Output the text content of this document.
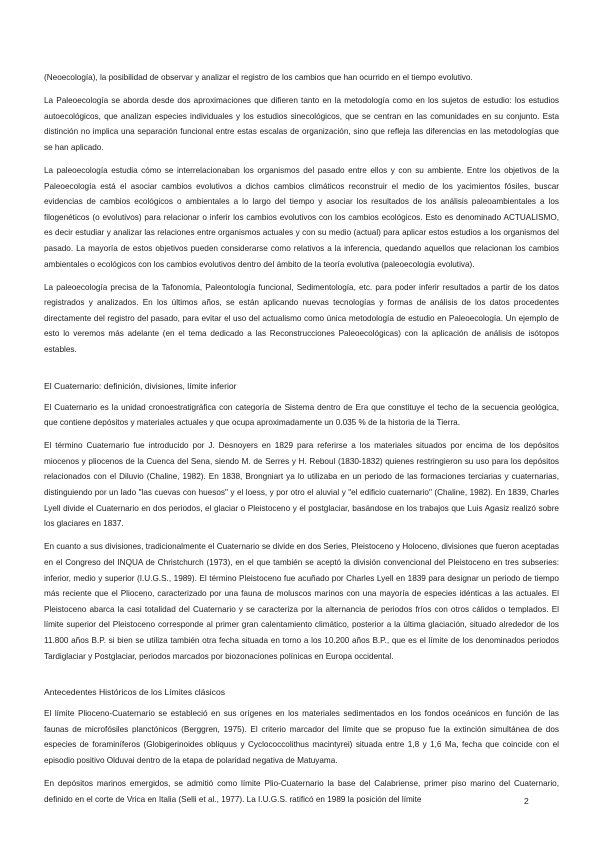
(Neoecología), la posibilidad de observar y analizar el registro de los cambios que han ocurrido en el tiempo evolutivo.

La Paleoecología se aborda desde dos aproximaciones que difieren tanto en la metodología como en los sujetos de estudio: los estudios autoecológicos, que analizan especies individuales y los estudios sinecológicos, que se centran en las comunidades en su conjunto. Esta distinción no implica una separación funcional entre estas escalas de organización, sino que refleja las diferencias en las metodologías que se han aplicado.

La paleoecología estudia cómo se interrelacionaban los organismos del pasado entre ellos y con su ambiente. Entre los objetivos de la Paleoecología está el asociar cambios evolutivos a dichos cambios climáticos reconstruir el medio de los yacimientos fósiles, buscar evidencias de cambios ecológicos o ambientales a lo largo del tiempo y asociar los resultados de los análisis paleoambientales a los filogenéticos (o evolutivos) para relacionar o inferir los cambios evolutivos con los cambios ecológicos. Esto es denominado ACTUALISMO, es decir estudiar y analizar las relaciones entre organismos actuales y con su medio (actual) para aplicar estos estudios a los organismos del pasado. La mayoría de estos objetivos pueden considerarse como relativos a la inferencia, quedando aquellos que relacionan los cambios ambientales o ecológicos con los cambios evolutivos dentro del ámbito de la teoría evolutiva (paleoecología evolutiva).

La paleoecología precisa de la Tafonomía, Paleontología funcional, Sedimentología, etc. para poder inferir resultados a partir de los datos registrados y analizados. En los últimos años, se están aplicando nuevas tecnologías y formas de análisis de los datos procedentes directamente del registro del pasado, para evitar el uso del actualismo como única metodología de estudio en Paleoecología. Un ejemplo de esto lo veremos más adelante (en el tema dedicado a las Reconstrucciones Paleoecológicas) con la aplicación de análisis de isótopos estables.

El Cuaternario: definición, divisiones, límite inferior

El Cuaternario es la unidad cronoestratigráfica con categoría de Sistema dentro de Era que constituye el techo de la secuencia geológica, que contiene depósitos y materiales actuales y que ocupa aproximadamente un 0.035 % de la historia de la Tierra.

El término Cuaternario fue introducido por J. Desnoyers en 1829 para referirse a los materiales situados por encima de los depósitos miocenos y pliocenos de la Cuenca del Sena, siendo M. de Serres y H. Reboul (1830-1832) quienes restringieron su uso para los depósitos relacionados con el Diluvio (Chaline, 1982). En 1838, Brongniart ya lo utilizaba en un periodo de las formaciones terciarias y cuaternarias, distinguiendo por un lado "las cuevas con huesos" y el loess, y por otro el aluvial y "el edificio cuaternario" (Chaline, 1982). En 1839, Charles Lyell divide el Cuaternario en dos periodos, el glaciar o Pleistoceno y el postglaciar, basándose en los trabajos que Luis Agasiz realizó sobre los glaciares en 1837.

En cuanto a sus divisiones, tradicionalmente el Cuaternario se divide en dos Series, Pleistoceno y Holoceno, divisiones que fueron aceptadas en el Congreso del INQUA de Christchurch (1973), en el que también se aceptó la división convencional del Pleistoceno en tres subseries: inferior, medio y superior (I.U.G.S., 1989). El término Pleistoceno fue acuñado por Charles Lyell en 1839 para designar un periodo de tiempo más reciente que el Plioceno, caracterizado por una fauna de moluscos marinos con una mayoría de especies idénticas a las actuales. El Pleistoceno abarca la casi totalidad del Cuaternario y se caracteriza por la alternancia de periodos fríos con otros cálidos o templados. El límite superior del Pleistoceno corresponde al primer gran calentamiento climático, posterior a la última glaciación, situado alrededor de los 11.800 años B.P. si bien se utiliza también otra fecha situada en torno a los 10.200 años B.P., que es el límite de los denominados periodos Tardiglaciar y Postglaciar, periodos marcados por biozonaciones polínicas en Europa occidental.

Antecedentes Históricos de los Límites clásicos

El límite Plioceno-Cuaternario se estableció en sus orígenes en los materiales sedimentados en los fondos oceánicos en función de las faunas de microfósiles planctónicos (Berggren, 1975). El criterio marcador del límite que se propuso fue la extinción simultánea de dos especies de foraminíferos (Globigerinoides obliquus y Cyclococcolithus macintyrei) situada entre 1,8 y 1,6 Ma, fecha que coincide con el episodio positivo Olduvai dentro de la etapa de polaridad negativa de Matuyama.

En depósitos marinos emergidos, se admitió como límite Plio-Cuaternario la base del Calabriense, primer piso marino del Cuaternario, definido en el corte de Vrica en Italia (Selli et al., 1977). La I.U.G.S. ratificó en 1989 la posición del límite	2
